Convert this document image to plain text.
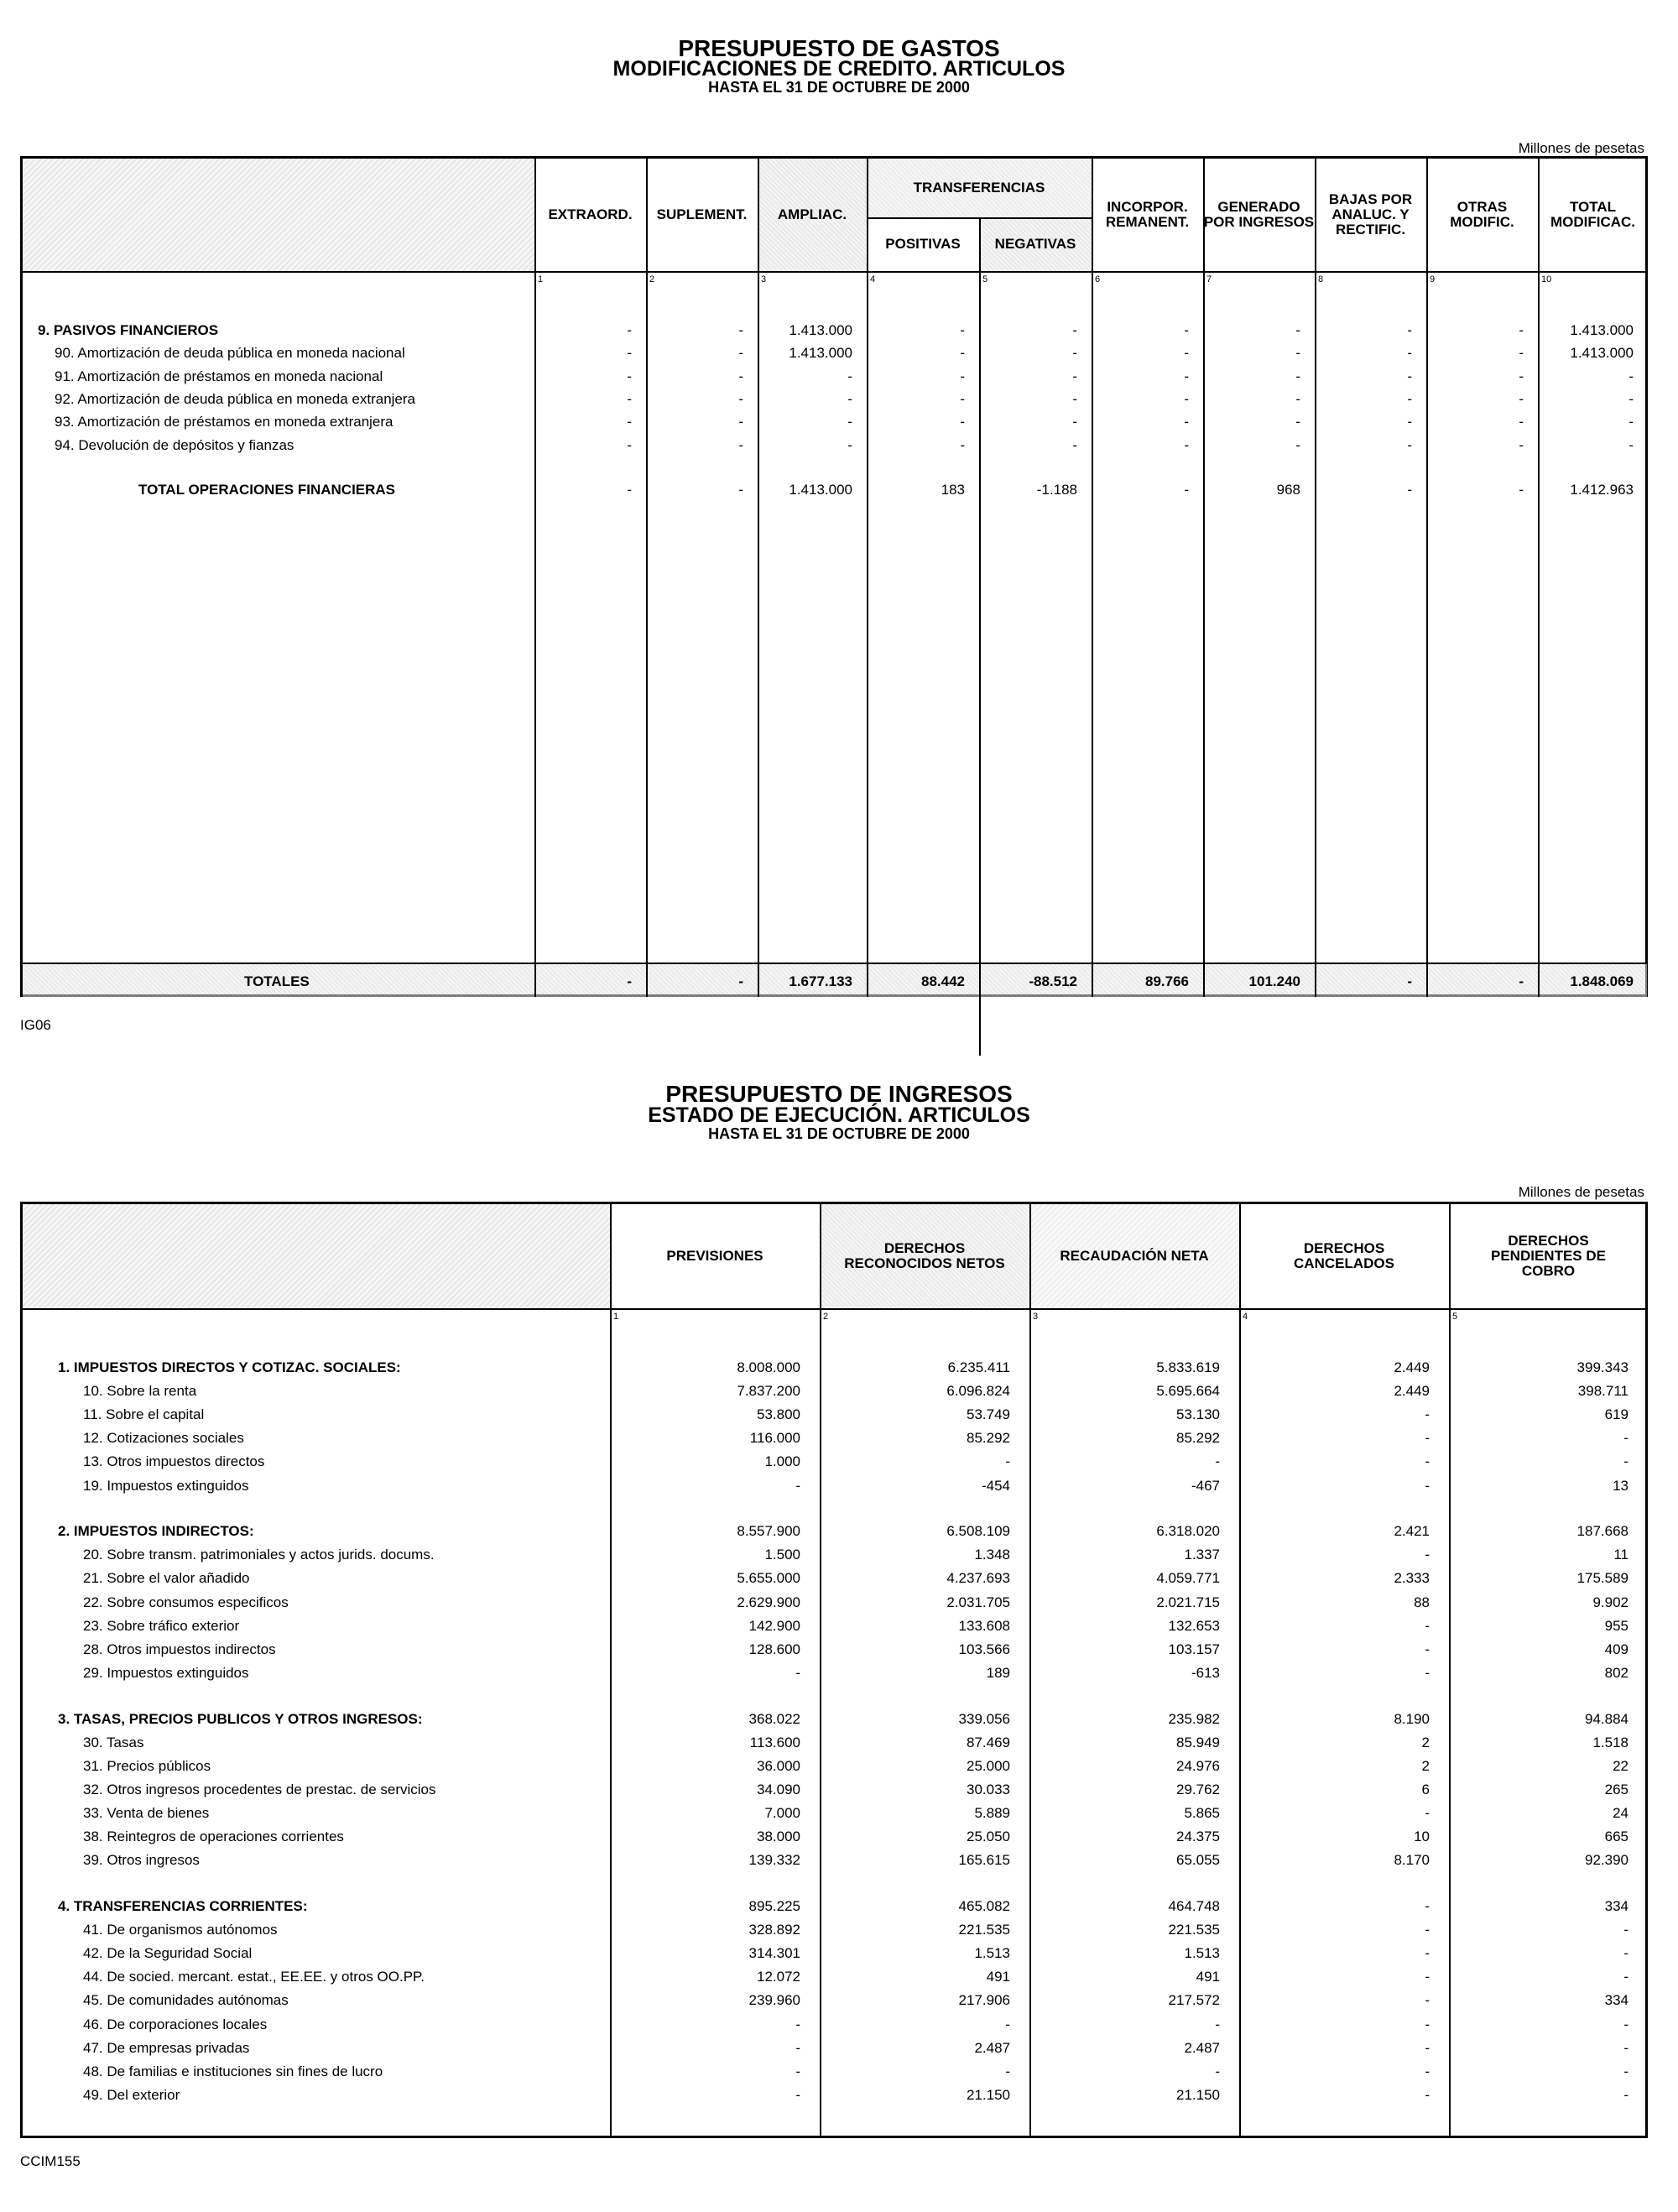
PRESUPUESTO DE GASTOS
MODIFICACIONES DE CREDITO. ARTICULOS
HASTA EL 31 DE OCTUBRE DE 2000
Millones de pesetas
EXTRAORD.	SUPLEMENT.	AMPLIAC.
TRANSFERENCIAS
POSITIVAS	NEGATIVAS
INCORPOR. REMANENT.
GENERADO POR INGRESOS
BAJAS POR ANALUC. Y RECTIFIC.
OTRAS MODIFIC.
TOTAL MODIFICAC.
1	2	3	4	5	6	7	8	9	10
9. PASIVOS FINANCIEROS	-	-	1.413.000	-	-	-	-	-	-	1.413.000
90. Amortización de deuda pública en moneda nacional	-	-	1.413.000	-	-	-	-	-	-	1.413.000
91. Amortización de préstamos en moneda nacional	-	-	-	-	-	-	-	-	-	-
92. Amortización de deuda pública en moneda extranjera	-	-	-	-	-	-	-	-	-	-
93. Amortización de préstamos en moneda extranjera	-	-	-	-	-	-	-	-	-	-
94. Devolución de depósitos y fianzas	-	-	-	-	-	-	-	-	-	-
TOTAL OPERACIONES FINANCIERAS	-	-	1.413.000	183	-1.188	-	968	-	-	1.412.963
TOTALES	-	-	1.677.133	88.442	-88.512	89.766	101.240	-	-	1.848.069
IG06
PRESUPUESTO DE INGRESOS
ESTADO DE EJECUCIÓN. ARTICULOS
HASTA EL 31 DE OCTUBRE DE 2000
Millones de pesetas
PREVISIONES	DERECHOS RECONOCIDOS NETOS	RECAUDACIÓN NETA	DERECHOS CANCELADOS
DERECHOS PENDIENTES DE COBRO
1	2	3	4	5
1. IMPUESTOS DIRECTOS Y COTIZAC. SOCIALES:	8.008.000	6.235.411	5.833.619	2.449	399.343
10. Sobre la renta	7.837.200	6.096.824	5.695.664	2.449	398.711
11. Sobre el capital	53.800	53.749	53.130	-	619
12. Cotizaciones sociales	116.000	85.292	85.292	-	-
13. Otros impuestos directos	1.000	-	-	-	-
19. Impuestos extinguidos	-	-454	-467	-	13
2. IMPUESTOS INDIRECTOS:	8.557.900	6.508.109	6.318.020	2.421	187.668
20. Sobre transm. patrimoniales y actos jurids. docums.	1.500	1.348	1.337	-	11
21. Sobre el valor añadido	5.655.000	4.237.693	4.059.771	2.333	175.589
22. Sobre consumos especificos	2.629.900	2.031.705	2.021.715	88	9.902
23. Sobre tráfico exterior	142.900	133.608	132.653	-	955
28. Otros impuestos indirectos	128.600	103.566	103.157	-	409
29. Impuestos extinguidos	-	189	-613	-	802
3. TASAS, PRECIOS PUBLICOS Y OTROS INGRESOS:	368.022	339.056	235.982	8.190	94.884
30. Tasas	113.600	87.469	85.949	2	1.518
31. Precios públicos	36.000	25.000	24.976	2	22
32. Otros ingresos procedentes de prestac. de servicios	34.090	30.033	29.762	6	265
33. Venta de bienes	7.000	5.889	5.865	-	24
38. Reintegros de operaciones corrientes	38.000	25.050	24.375	10	665
39. Otros ingresos	139.332	165.615	65.055	8.170	92.390
4. TRANSFERENCIAS CORRIENTES:	895.225	465.082	464.748	-	334
41. De organismos autónomos	328.892	221.535	221.535	-	-
42. De la Seguridad Social	314.301	1.513	1.513	-	-
44. De socied. mercant. estat., EE.EE. y otros OO.PP.	12.072	491	491	-	-
45. De comunidades autónomas	239.960	217.906	217.572	-	334
46. De corporaciones locales	-	-	-	-	-
47. De empresas privadas	-	2.487	2.487	-	-
48. De familias e instituciones sin fines de lucro	-	-	-	-	-
49. Del exterior	-	21.150	21.150	-	-
CCIM155
